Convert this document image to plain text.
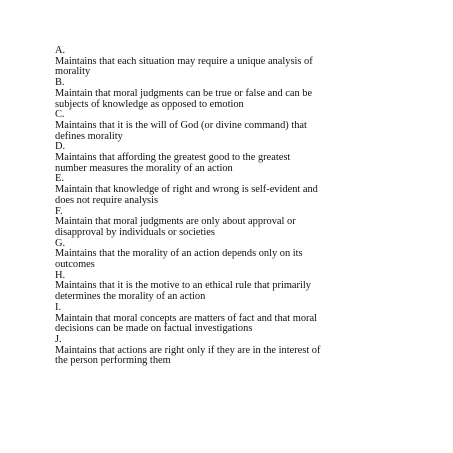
A.
Maintains that each situation may require a unique analysis of
morality
B.
Maintain that moral judgments can be true or false and can be
subjects of knowledge as opposed to emotion
C.
Maintains that it is the will of God (or divine command) that
defines morality
D.
Maintains that affording the greatest good to the greatest
number measures the morality of an action
E.
Maintain that knowledge of right and wrong is self-evident and
does not require analysis
F.
Maintain that moral judgments are only about approval or
disapproval by individuals or societies
G.
Maintains that the morality of an action depends only on its
outcomes
H.
Maintains that it is the motive to an ethical rule that primarily
determines the morality of an action
I.
Maintain that moral concepts are matters of fact and that moral
decisions can be made on factual investigations
J.
Maintains that actions are right only if they are in the interest of
the person performing them
